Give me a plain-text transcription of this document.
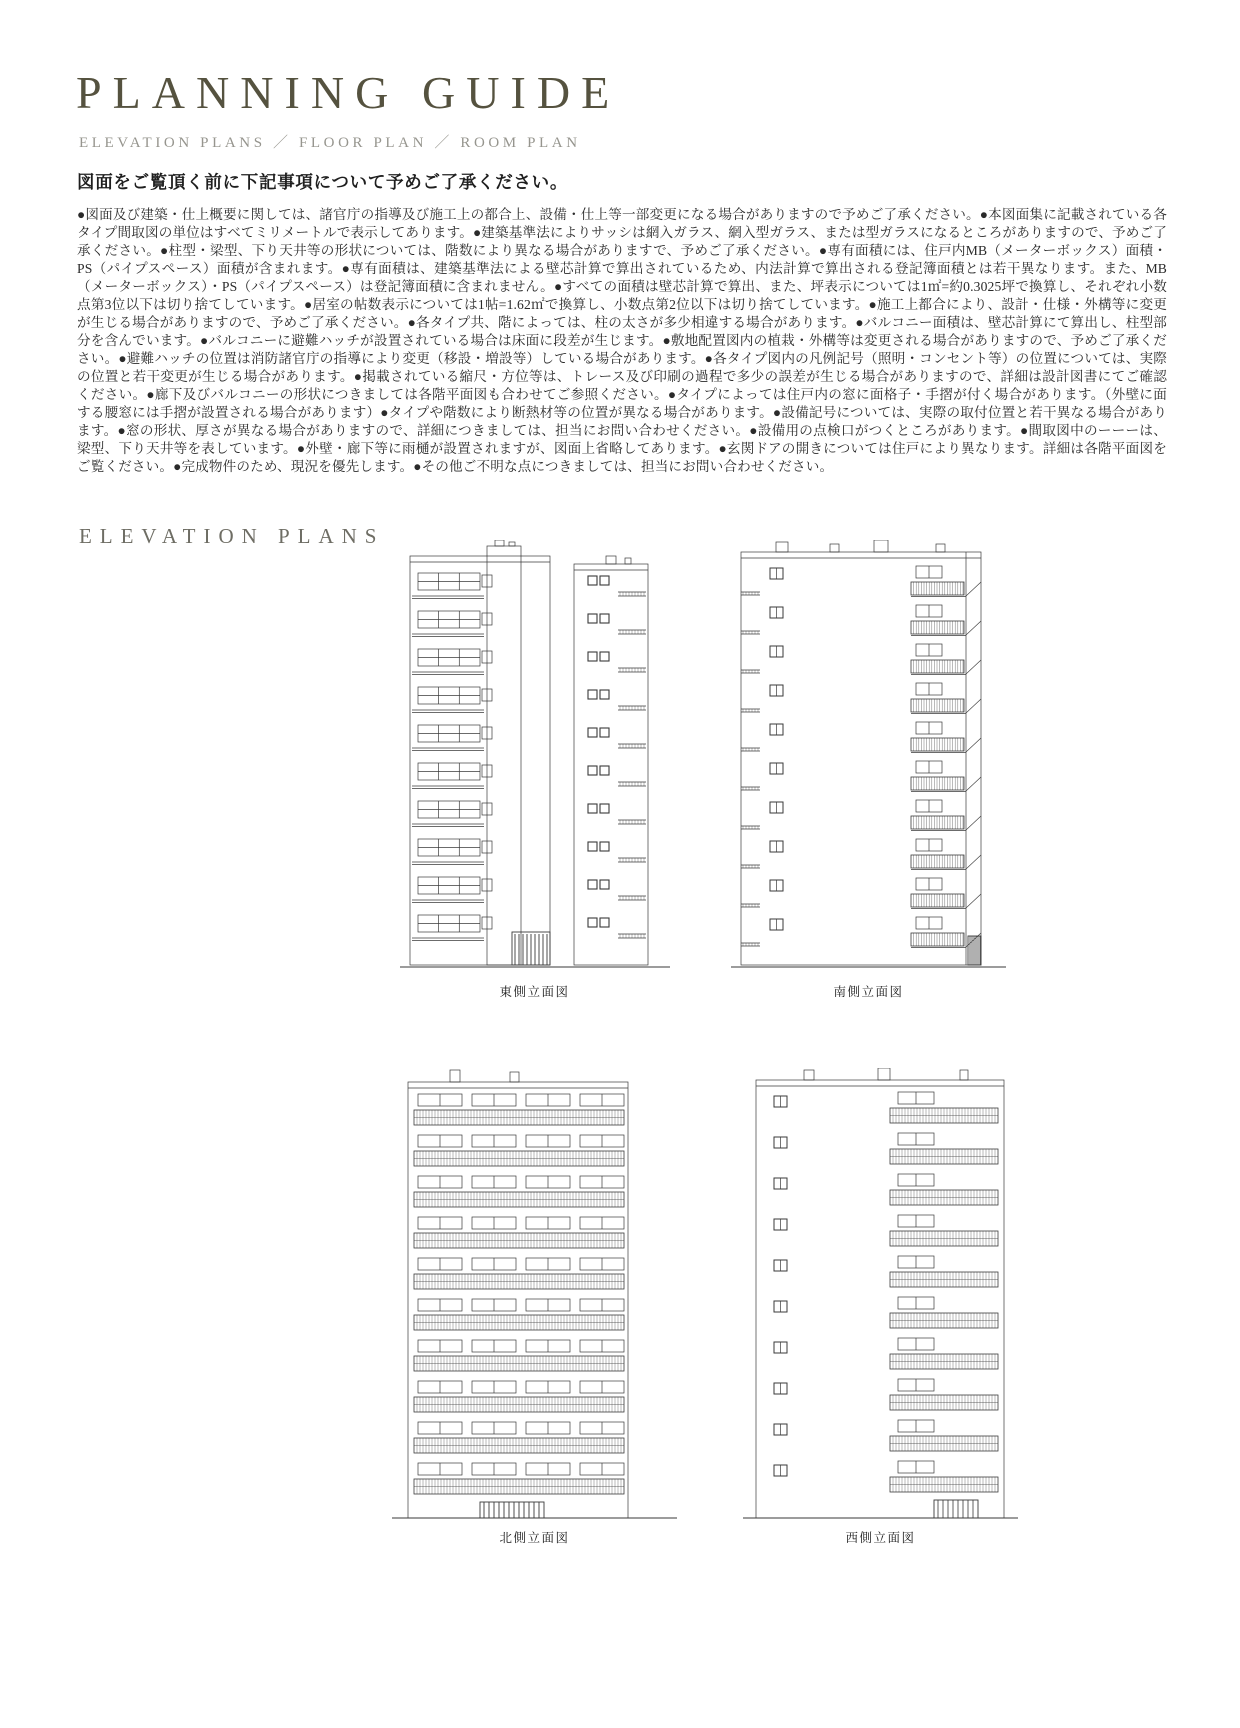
PLANNING GUIDE
ELEVATION PLANS ／ FLOOR PLAN ／ ROOM PLAN
図面をご覧頂く前に下記事項について予めご了承ください。
●図面及び建築・仕上概要に関しては、諸官庁の指導及び施工上の都合上、設備・仕上等一部変更になる場合がありますので予めご了承ください。●本図面集に記載されている各タイプ間取図の単位はすべてミリメートルで表示してあります。●建築基準法によりサッシは網入ガラス、網入型ガラス、または型ガラスになるところがありますので、予めご了承ください。●柱型・梁型、下り天井等の形状については、階数により異なる場合がありますで、予めご了承ください。●専有面積には、住戸内MB（メーターボックス）面積・PS（パイプスペース）面積が含まれます。●専有面積は、建築基準法による壁芯計算で算出されているため、内法計算で算出される登記簿面積とは若干異なります。また、MB（メーターボックス）・PS（パイプスペース）は登記簿面積に含まれません。●すべての面積は壁芯計算で算出、また、坪表示については1㎡=約0.3025坪で換算し、それぞれ小数点第3位以下は切り捨てしています。●居室の帖数表示については1帖=1.62㎡で換算し、小数点第2位以下は切り捨てしています。●施工上都合により、設計・仕様・外構等に変更が生じる場合がありますので、予めご了承ください。●各タイプ共、階によっては、柱の太さが多少相違する場合があります。●バルコニー面積は、壁芯計算にて算出し、柱型部分を含んでいます。●バルコニーに避難ハッチが設置されている場合は床面に段差が生じます。●敷地配置図内の植栽・外構等は変更される場合がありますので、予めご了承ください。●避難ハッチの位置は消防諸官庁の指導により変更（移設・増設等）している場合があります。●各タイプ図内の凡例記号（照明・コンセント等）の位置については、実際の位置と若干変更が生じる場合があります。●掲載されている縮尺・方位等は、トレース及び印刷の過程で多少の誤差が生じる場合がありますので、詳細は設計図書にてご確認ください。●廊下及びバルコニーの形状につきましては各階平面図も合わせてご参照ください。●タイプによっては住戸内の窓に面格子・手摺が付く場合があります。（外壁に面する腰窓には手摺が設置される場合があります）●タイプや階数により断熱材等の位置が異なる場合があります。●設備記号については、実際の取付位置と若干異なる場合があります。●窓の形状、厚さが異なる場合がありますので、詳細につきましては、担当にお問い合わせください。●設備用の点検口がつくところがあります。●間取図中のーーーは、梁型、下り天井等を表しています。●外壁・廊下等に雨樋が設置されますが、図面上省略してあります。●玄関ドアの開きについては住戸により異なります。詳細は各階平面図をご覧ください。●完成物件のため、現況を優先します。●その他ご不明な点につきましては、担当にお問い合わせください。
ELEVATION PLANS
東側立面図	南側立面図
北側立面図	西側立面図
